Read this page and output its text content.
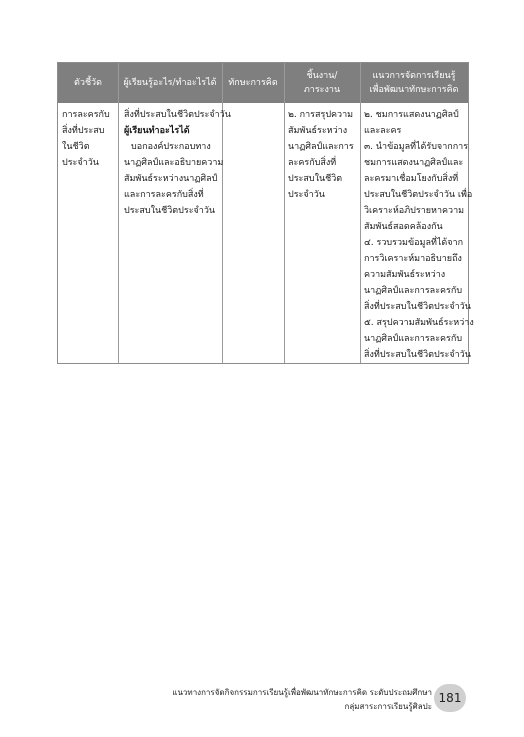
ตัวชี้วัด	ผู้เรียนรู้อะไร/ทำอะไรได้	ทักษะการคิด
ชิ้นงาน/
ภาระงาน
แนวการจัดการเรียนรู้
เพื่อพัฒนาทักษะการคิด
การละครกับ
สิ่งที่ประสบ
ในชีวิต
ประจำวัน
สิ่งที่ประสบในชีวิตประจำวัน
ผู้เรียนทำอะไรได้
บอกองค์ประกอบทาง
นาฏศิลป์และอธิบายความ
สัมพันธ์ระหว่างนาฏศิลป์
และการละครกับสิ่งที่
ประสบในชีวิตประจำวัน
๒. การสรุปความ
สัมพันธ์ระหว่าง
นาฏศิลป์และการ
ละครกับสิ่งที่
ประสบในชีวิต
ประจำวัน
๒. ชมการแสดงนาฏศิลป์
และละคร
๓. นำข้อมูลที่ได้รับจากการ
ชมการแสดงนาฏศิลป์และ
ละครมาเชื่อมโยงกับสิ่งที่
ประสบในชีวิตประจำวัน เพื่อ
วิเคราะห์อภิปรายหาความ
สัมพันธ์สอดคล้องกัน
๔. รวบรวมข้อมูลที่ได้จาก
การวิเคราะห์มาอธิบายถึง
ความสัมพันธ์ระหว่าง
นาฏศิลป์และการละครกับ
สิ่งที่ประสบในชีวิตประจำวัน
๕. สรุปความสัมพันธ์ระหว่าง
นาฏศิลป์และการละครกับ
สิ่งที่ประสบในชีวิตประจำวัน
แนวทางการจัดกิจกรรมการเรียนรู้เพื่อพัฒนาทักษะการคิด ระดับประถมศึกษา
กลุ่มสาระการเรียนรู้ศิลปะ
181
